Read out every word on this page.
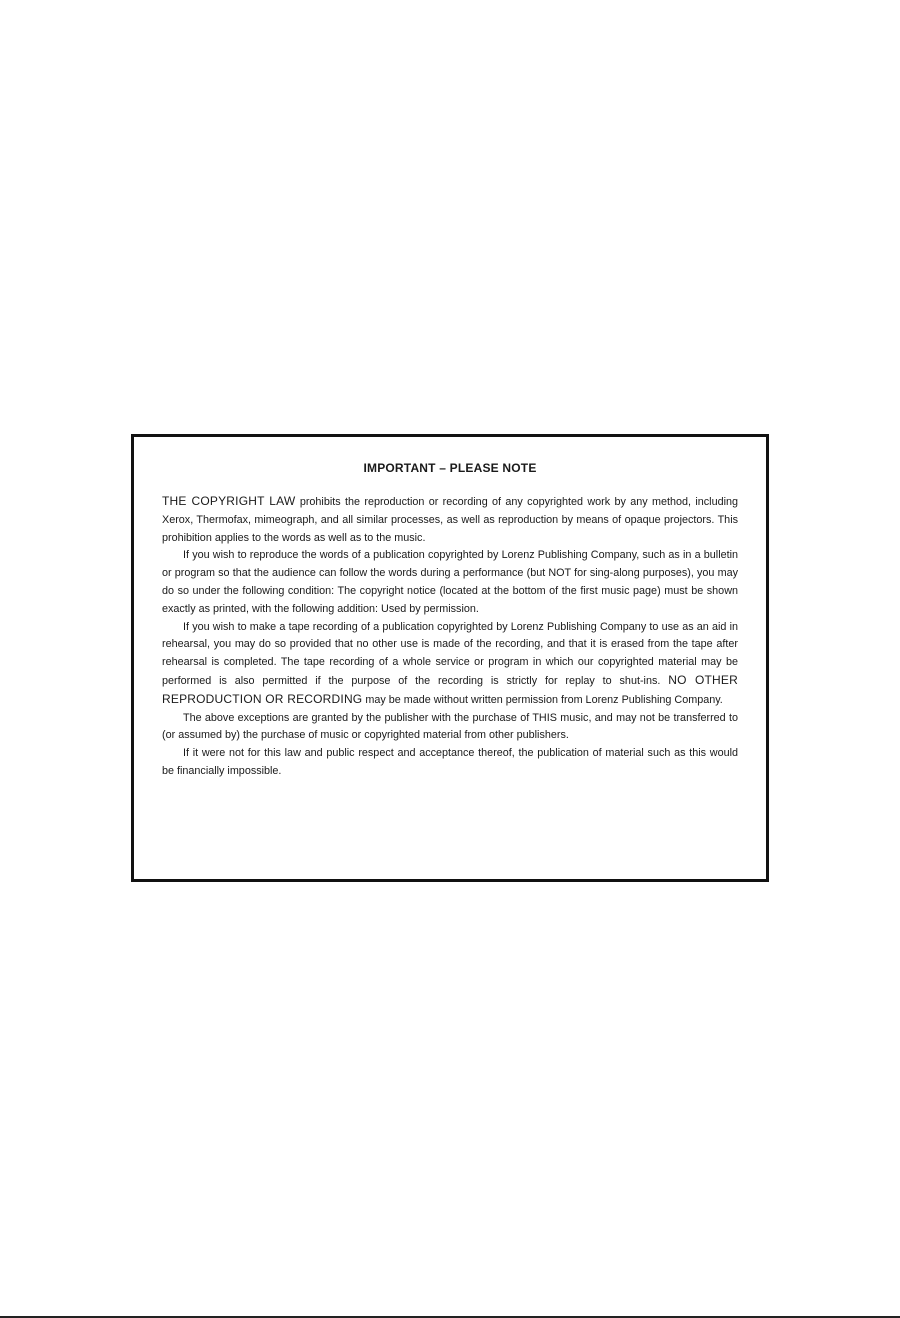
IMPORTANT – PLEASE NOTE

THE COPYRIGHT LAW prohibits the reproduction or recording of any copyrighted work by any method, including Xerox, Thermofax, mimeograph, and all similar processes, as well as reproduction by means of opaque projectors. This prohibition applies to the words as well as to the music.

If you wish to reproduce the words of a publication copyrighted by Lorenz Publishing Company, such as in a bulletin or program so that the audience can follow the words during a performance (but NOT for sing-along purposes), you may do so under the following condition: The copyright notice (located at the bottom of the first music page) must be shown exactly as printed, with the following addition: Used by permission.

If you wish to make a tape recording of a publication copyrighted by Lorenz Publishing Company to use as an aid in rehearsal, you may do so provided that no other use is made of the recording, and that it is erased from the tape after rehearsal is completed. The tape recording of a whole service or program in which our copyrighted material may be performed is also permitted if the purpose of the recording is strictly for replay to shut-ins. NO OTHER REPRODUCTION OR RECORDING may be made without written permission from Lorenz Publishing Company.

The above exceptions are granted by the publisher with the purchase of THIS music, and may not be transferred to (or assumed by) the purchase of music or copyrighted material from other publishers.

If it were not for this law and public respect and acceptance thereof, the publication of material such as this would be financially impossible.
